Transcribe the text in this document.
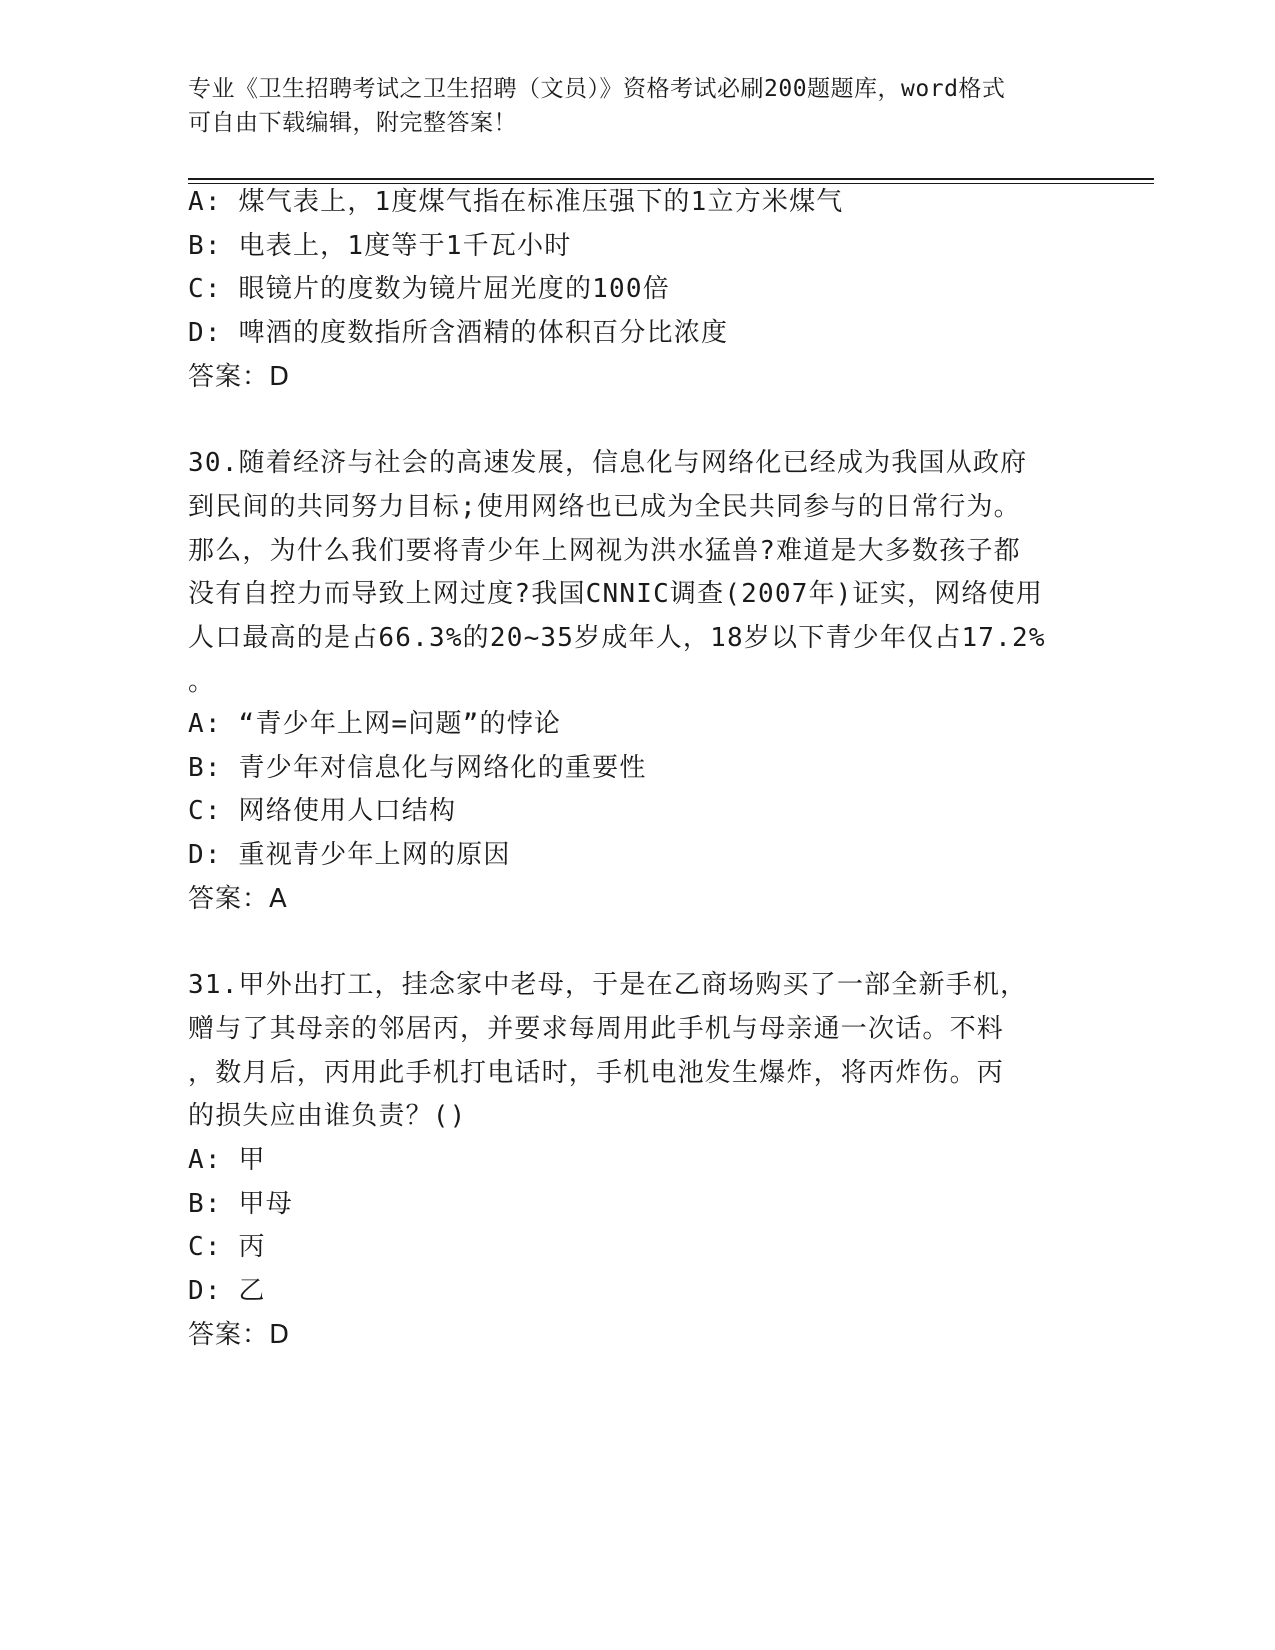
专业《卫生招聘考试之卫生招聘（文员）》资格考试必刷200题题库，word格式
可自由下载编辑，附完整答案！
A: 煤气表上，1度煤气指在标准压强下的1立方米煤气
B: 电表上，1度等于1千瓦小时
C: 眼镜片的度数为镜片屈光度的100倍
D: 啤酒的度数指所含酒精的体积百分比浓度
答案：D
30.随着经济与社会的高速发展，信息化与网络化已经成为我国从政府
到民间的共同努力目标;使用网络也已成为全民共同参与的日常行为。
那么，为什么我们要将青少年上网视为洪水猛兽?难道是大多数孩子都
没有自控力而导致上网过度?我国CNNIC调查(2007年)证实，网络使用
人口最高的是占66.3%的20~35岁成年人，18岁以下青少年仅占17.2%
。
A: “青少年上网=问题”的悖论
B: 青少年对信息化与网络化的重要性
C: 网络使用人口结构
D: 重视青少年上网的原因
答案：A
31.甲外出打工，挂念家中老母，于是在乙商场购买了一部全新手机，
赠与了其母亲的邻居丙，并要求每周用此手机与母亲通一次话。不料
，数月后，丙用此手机打电话时，手机电池发生爆炸，将丙炸伤。丙
的损失应由谁负责？()
A: 甲
B: 甲母
C: 丙
D: 乙
答案：D
